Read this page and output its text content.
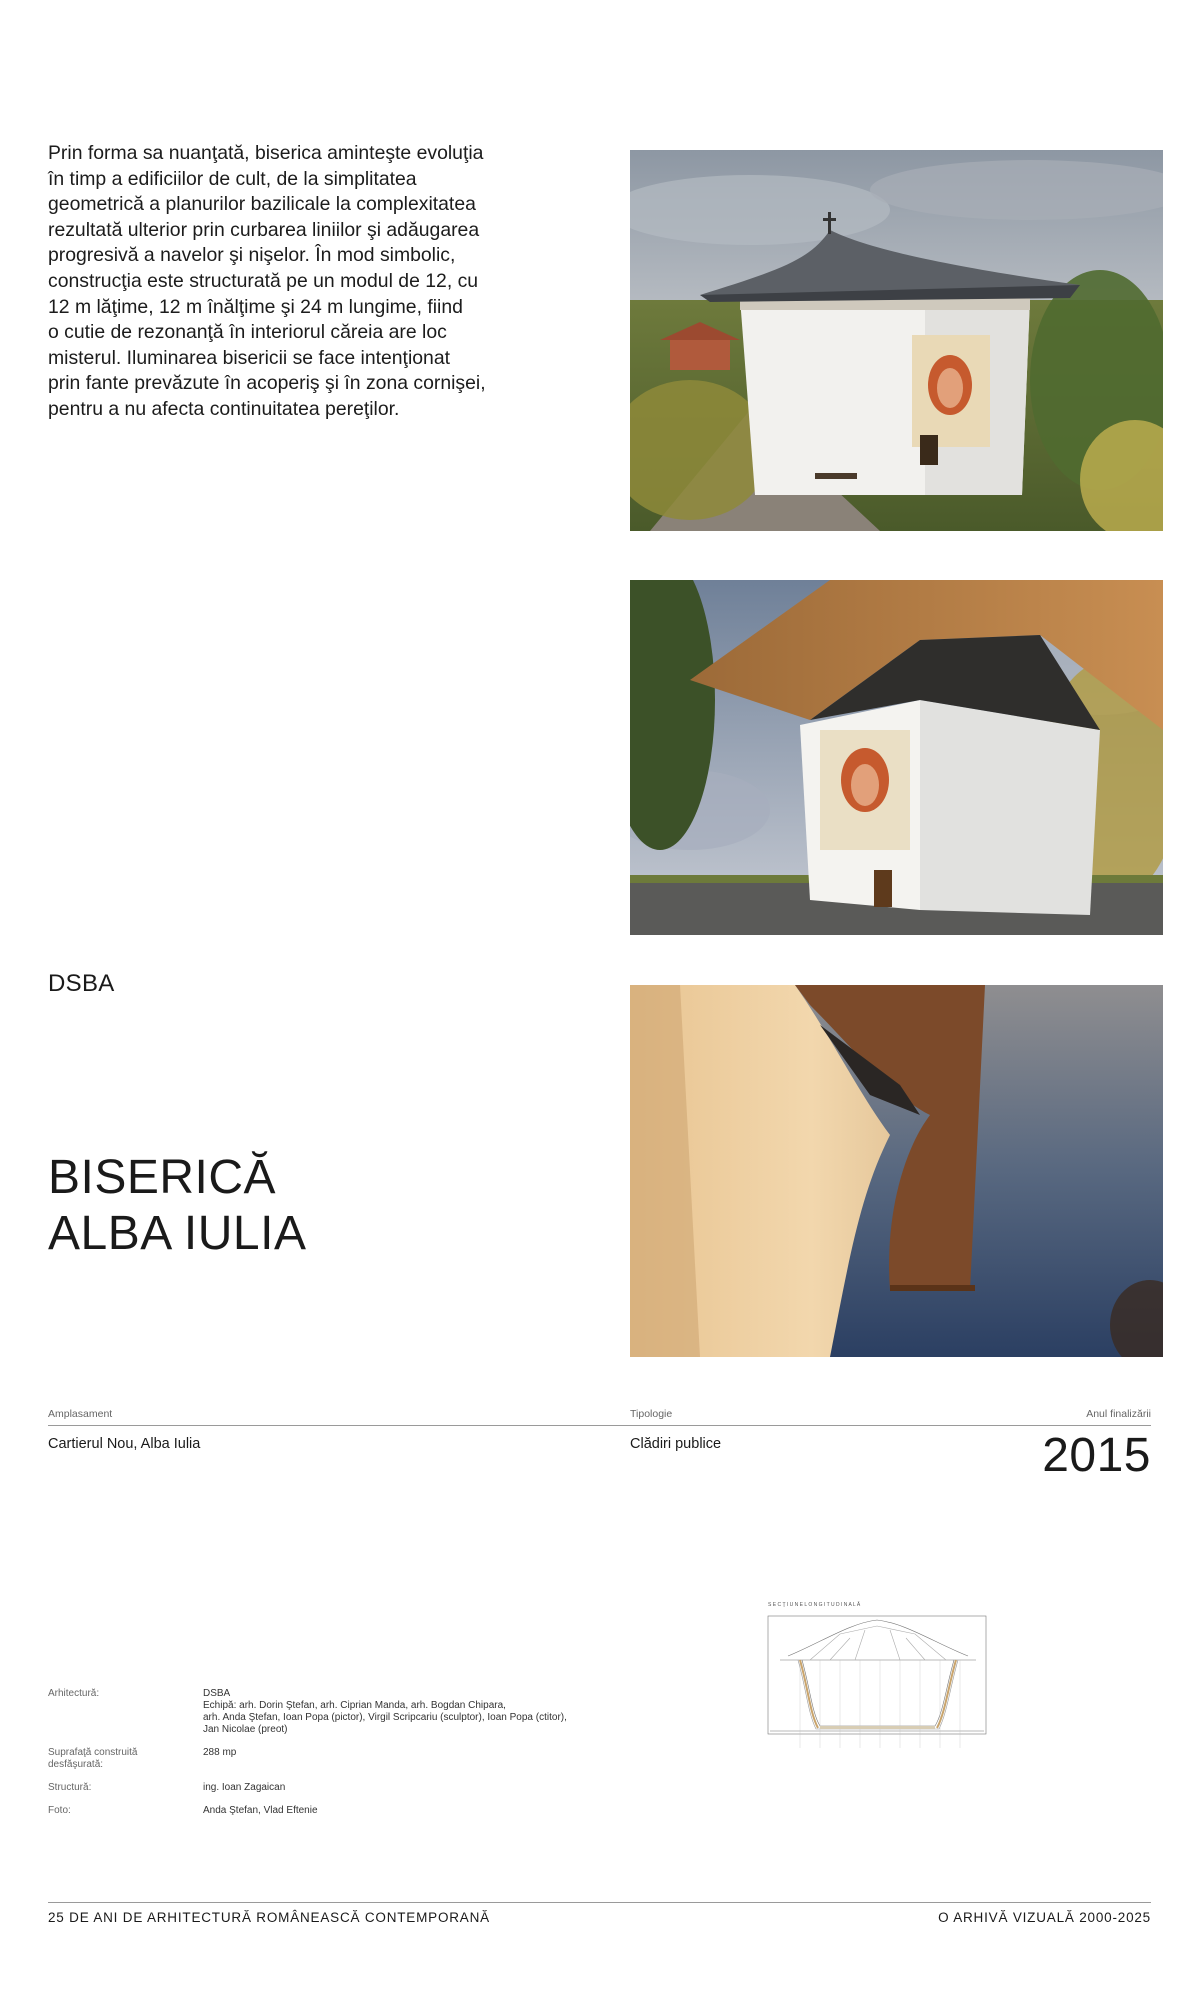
Prin forma sa nuanţată, biserica aminteşte evoluţia
în timp a edificiilor de cult, de la simplitatea
geometrică a planurilor bazilicale la complexitatea
rezultată ulterior prin curbarea liniilor şi adăugarea
progresivă a navelor şi nişelor. În mod simbolic,
construcţia este structurată pe un modul de 12, cu
12 m lăţime, 12 m înălţime şi 24 m lungime, fiind
o cutie de rezonanţă în interiorul căreia are loc
misterul. Iluminarea bisericii se face intenţionat
prin fante prevăzute în acoperiş şi în zona cornişei,
pentru a nu afecta continuitatea pereţilor.
DSBA
BISERICĂ
ALBA IULIA
Amplasament	Tipologie	Anul finalizării
Cartierul Nou, Alba Iulia	Clădiri publice	2015
Arhitectură:	DSBA
Echipă: arh. Dorin Ştefan, arh. Ciprian Manda, arh. Bogdan Chipara,
arh. Anda Ştefan, Ioan Popa (pictor), Virgil Scripcariu (sculptor), Ioan Popa (ctitor),
Jan Nicolae (preot)
Suprafaţă construită
desfăşurată:
288 mp
Structură:	ing. Ioan Zagaican
Foto:	Anda Ştefan, Vlad Eftenie
S E C Ţ I U N E L O N G I T U D I N A L Ă
25 DE ANI DE ARHITECTURĂ ROMÂNEASCĂ CONTEMPORANĂ	O ARHIVĂ VIZUALĂ 2000-2025
